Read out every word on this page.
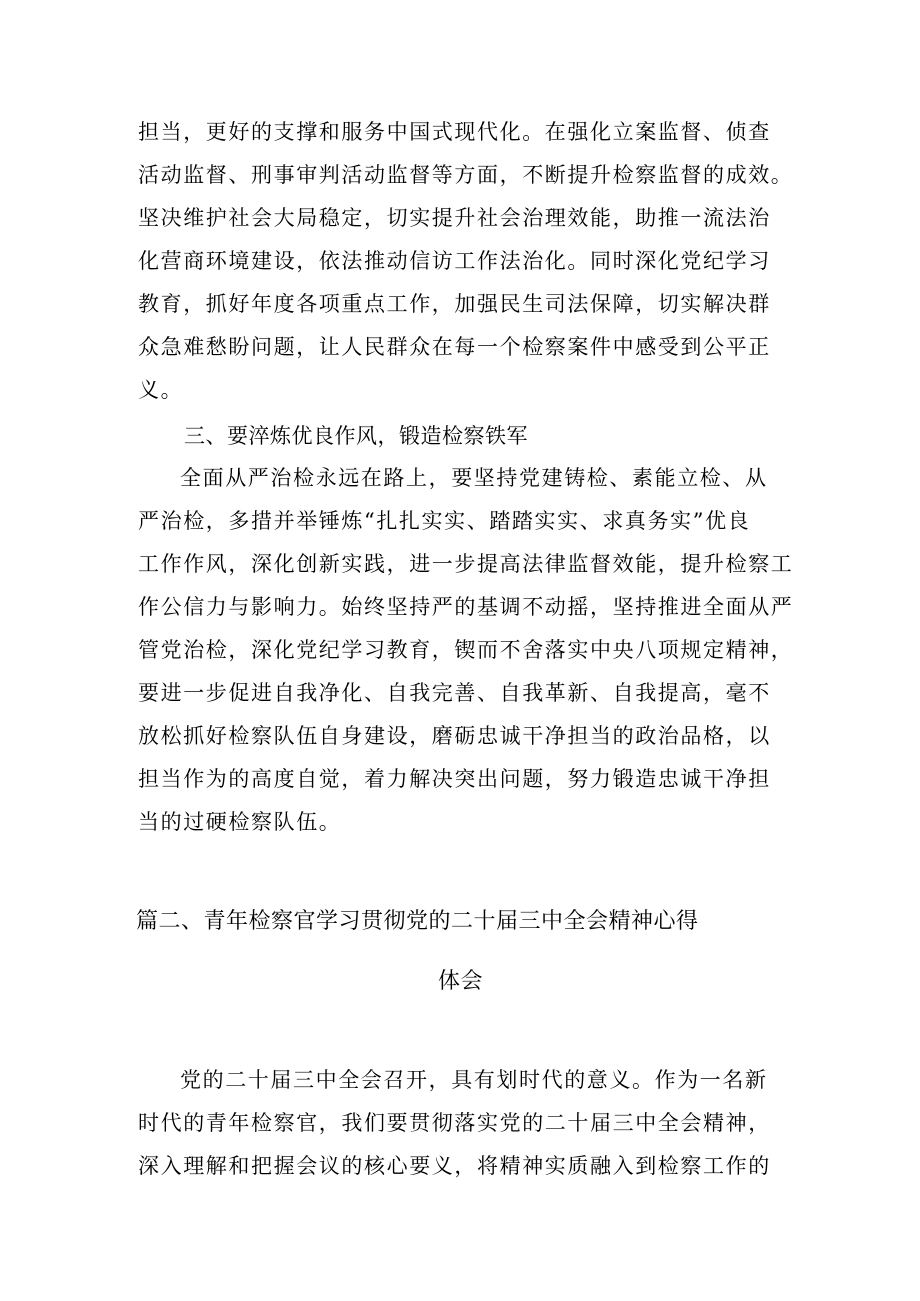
担当，更好的支撑和服务中国式现代化。在强化立案监督、侦查
活动监督、刑事审判活动监督等方面，不断提升检察监督的成效。
坚决维护社会大局稳定，切实提升社会治理效能，助推一流法治
化营商环境建设，依法推动信访工作法治化。同时深化党纪学习
教育，抓好年度各项重点工作，加强民生司法保障，切实解决群
众急难愁盼问题，让人民群众在每一个检察案件中感受到公平正
义。
三、要淬炼优良作风，锻造检察铁军
全面从严治检永远在路上，要坚持党建铸检、素能立检、从
严治检，多措并举锤炼“扎扎实实、踏踏实实、求真务实”优良
工作作风，深化创新实践，进一步提高法律监督效能，提升检察工
作公信力与影响力。始终坚持严的基调不动摇，坚持推进全面从严
管党治检，深化党纪学习教育，锲而不舍落实中央八项规定精神，
要进一步促进自我净化、自我完善、自我革新、自我提高，毫不
放松抓好检察队伍自身建设，磨砺忠诚干净担当的政治品格，以
担当作为的高度自觉，着力解决突出问题，努力锻造忠诚干净担
当的过硬检察队伍。
篇二、青年检察官学习贯彻党的二十届三中全会精神心得
体会
党的二十届三中全会召开，具有划时代的意义。作为一名新
时代的青年检察官，我们要贯彻落实党的二十届三中全会精神，
深入理解和把握会议的核心要义，将精神实质融入到检察工作的
